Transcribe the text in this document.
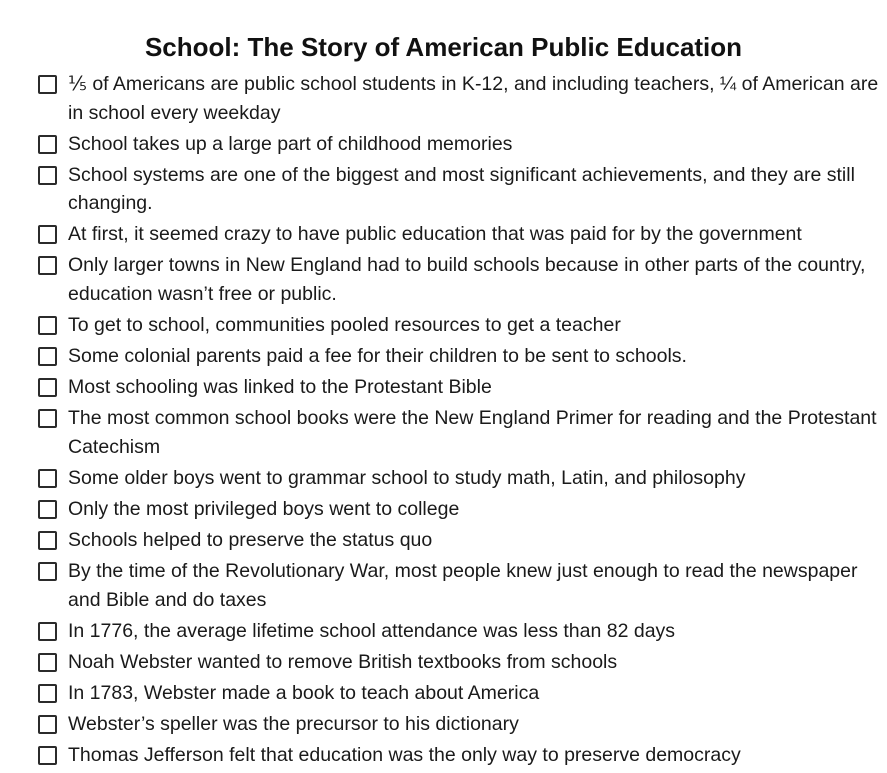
School: The Story of American Public Education
⅕ of Americans are public school students in K-12, and including teachers, ¼ of American are in school every weekday
School takes up a large part of childhood memories
School systems are one of the biggest and most significant achievements, and they are still changing.
At first, it seemed crazy to have public education that was paid for by the government
Only larger towns in New England had to build schools because in other parts of the country, education wasn’t free or public.
To get to school, communities pooled resources to get a teacher
Some colonial parents paid a fee for their children to be sent to schools.
Most schooling was linked to the Protestant Bible
The most common school books were the New England Primer for reading and the Protestant Catechism
Some older boys went to grammar school to study math, Latin, and philosophy
Only the most privileged boys went to college
Schools helped to preserve the status quo
By the time of the Revolutionary War, most people knew just enough to read the newspaper and Bible and do taxes
In 1776, the average lifetime school attendance was less than 82 days
Noah Webster wanted to remove British textbooks from schools
In 1783, Webster made a book to teach about America
Webster’s speller was the precursor to his dictionary
Thomas Jefferson felt that education was the only way to preserve democracy
